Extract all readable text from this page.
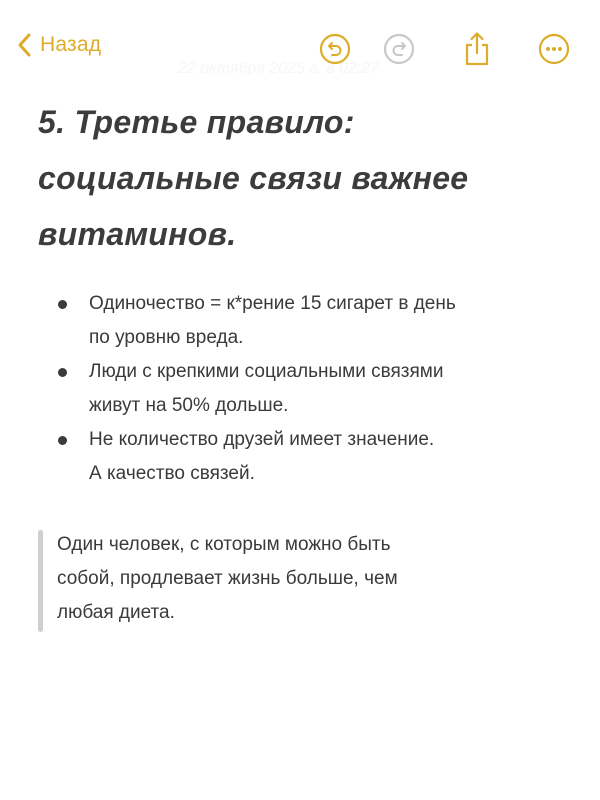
Назад
22 октября 2025 г. в 02:27
5. Третье правило:
социальные связи важнее
витаминов.
Одиночество = к*рение 15 сигарет в день
по уровню вреда.
Люди с крепкими социальными связями
живут на 50% дольше.
Не количество друзей имеет значение.
А качество связей.
Один человек, с которым можно быть
собой, продлевает жизнь больше, чем
любая диета.
